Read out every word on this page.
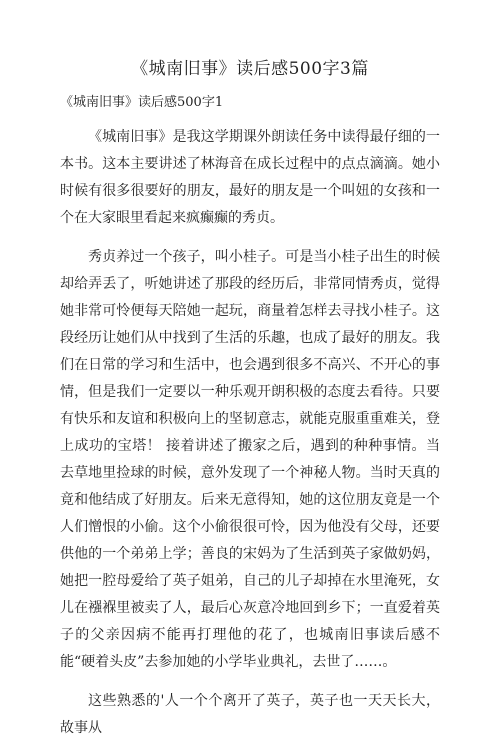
《城南旧事》读后感500字3篇
《城南旧事》读后感500字1

《城南旧事》是我这学期课外朗读任务中读得最仔细的一本书。这本主要讲述了林海音在成长过程中的点点滴滴。她小时候有很多很要好的朋友，最好的朋友是一个叫妞的女孩和一个在大家眼里看起来疯癫癫的秀贞。

秀贞养过一个孩子，叫小桂子。可是当小桂子出生的时候却给弄丢了，听她讲述了那段的经历后，非常同情秀贞，觉得她非常可怜便每天陪她一起玩，商量着怎样去寻找小桂子。这段经历让她们从中找到了生活的乐趣，也成了最好的朋友。我们在日常的学习和生活中，也会遇到很多不高兴、不开心的事情，但是我们一定要以一种乐观开朗积极的态度去看待。只要有快乐和友谊和积极向上的坚韧意志，就能克服重重难关，登上成功的宝塔！ 接着讲述了搬家之后，遇到的种种事情。当去草地里捡球的时候，意外发现了一个神秘人物。当时天真的竟和他结成了好朋友。后来无意得知，她的这位朋友竟是一个人们憎恨的小偷。这个小偷很很可怜，因为他没有父母，还要供他的一个弟弟上学；善良的宋妈为了生活到英子家做奶妈，她把一腔母爱给了英子姐弟，自己的儿子却掉在水里淹死，女儿在襁褓里被卖了人，最后心灰意冷地回到乡下；一直爱着英子的父亲因病不能再打理他的花了，也城南旧事读后感不能“硬着头皮”去参加她的小学毕业典礼，去世了……。

这些熟悉的'人一个个离开了英子，英子也一天天长大，故事从
